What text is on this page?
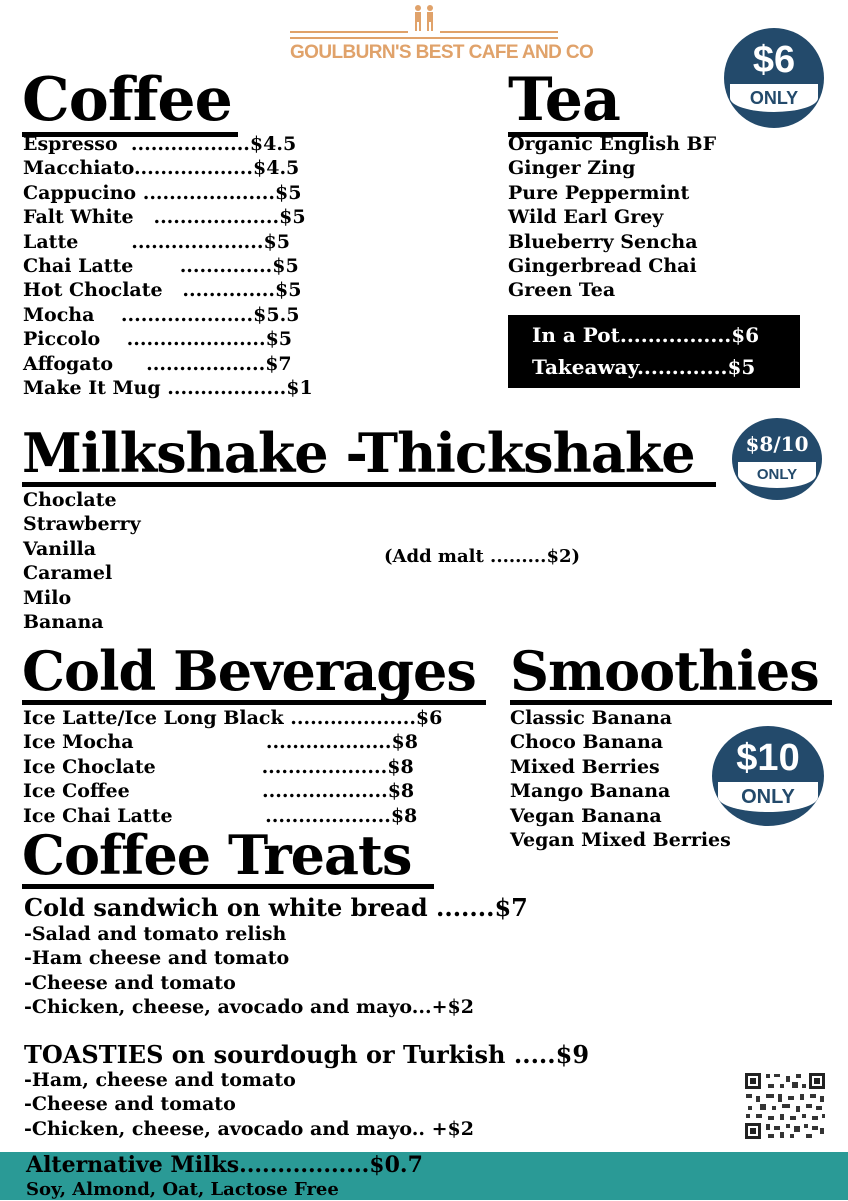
GOULBURN'S BEST CAFE AND CO
Coffee
Espresso  ..................$4.5
Macchiato..................$4.5
Cappucino ....................$5
Falt White   ...................$5
Latte        ....................$5
Chai Latte       ..............$5
Hot Choclate   ..............$5
Mocha    ....................$5.5
Piccolo    .....................$5
Affogato     ..................$7
Make It Mug ..................$1
Tea
$6
ONLY
Organic English BF
Ginger Zing
Pure Peppermint
Wild Earl Grey
Blueberry Sencha
Gingerbread Chai
Green Tea

In a Pot................$6

Takeaway.............$5

Milkshake -Thickshake	$8/10
ONLY
Choclate
Strawberry
Vanilla
Caramel
Milo
Banana

(Add malt .........$2)

Cold Beverages
Ice Latte/Ice Long Black ...................$6
Ice Mocha                    ...................$8
Ice Choclate                ...................$8
Ice Coffee                    ...................$8
Ice Chai Latte              ...................$8
Smoothies
Classic Banana
Choco Banana
Mixed Berries
Mango Banana
Vegan Banana
Vegan Mixed Berries
$10
ONLY
Coffee Treats

Cold sandwich on white bread .......$7

-Salad and tomato relish
-Ham cheese and tomato
-Cheese and tomato
-Chicken, cheese, avocado and mayo...+$2

TOASTIES on sourdough or Turkish .....$9

-Ham, cheese and tomato
-Cheese and tomato
-Chicken, cheese, avocado and mayo.. +$2

Alternative Milks.................$0.7

Soy, Almond, Oat, Lactose Free
